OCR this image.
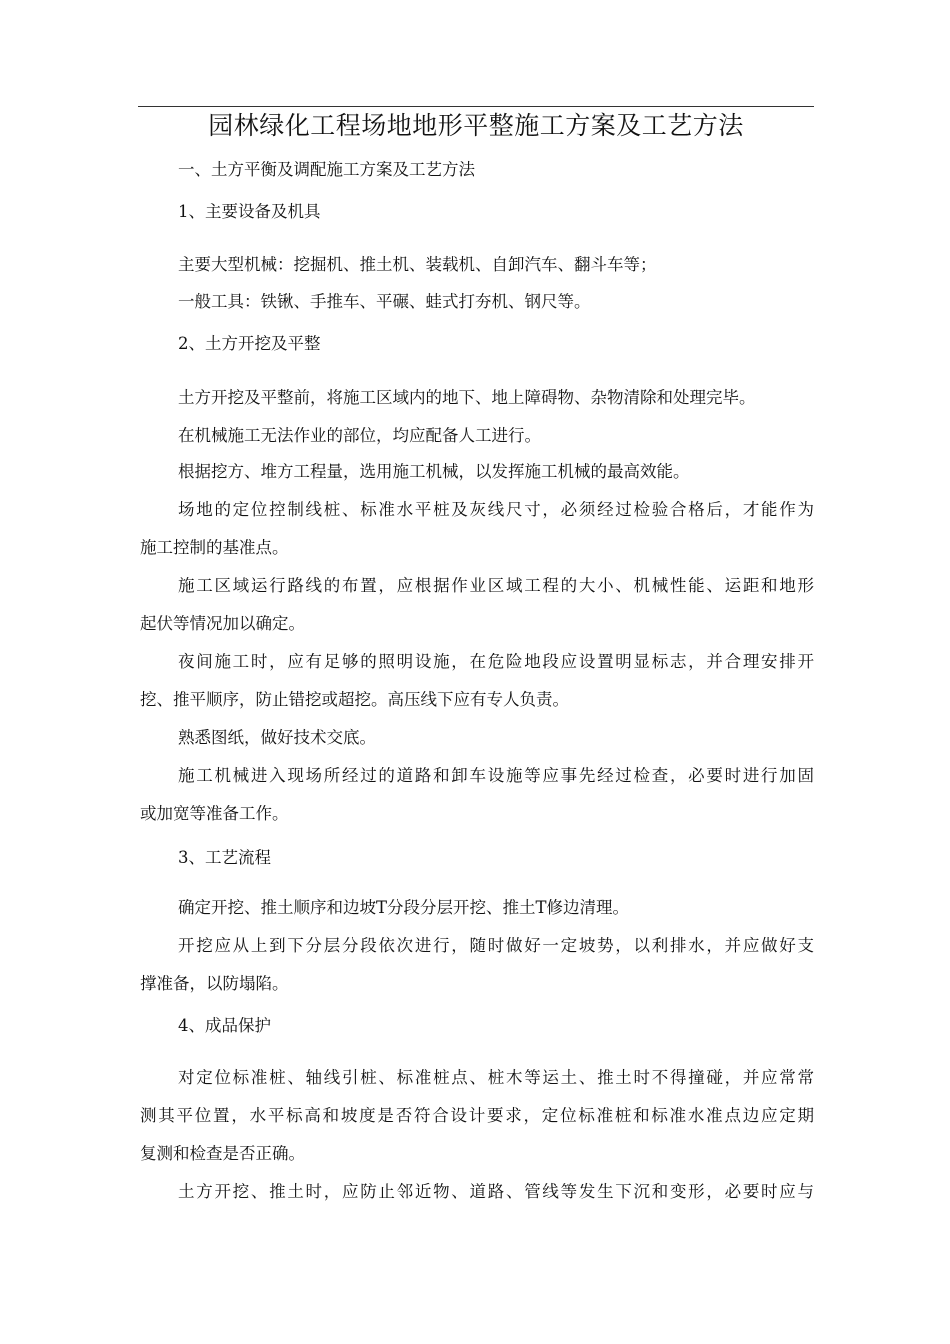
园林绿化工程场地地形平整施工方案及工艺方法
一、土方平衡及调配施工方案及工艺方法
1、主要设备及机具
主要大型机械：挖掘机、推土机、装载机、自卸汽车、翻斗车等；
一般工具：铁锹、手推车、平碾、蛙式打夯机、钢尺等。
2、土方开挖及平整
土方开挖及平整前，将施工区域内的地下、地上障碍物、杂物清除和处理完毕。
在机械施工无法作业的部位，均应配备人工进行。
根据挖方、堆方工程量，选用施工机械，以发挥施工机械的最高效能。
场地的定位控制线桩、标准水平桩及灰线尺寸，必须经过检验合格后，才能作为
施工控制的基准点。
施工区域运行路线的布置，应根据作业区域工程的大小、机械性能、运距和地形
起伏等情况加以确定。
夜间施工时，应有足够的照明设施，在危险地段应设置明显标志，并合理安排开
挖、推平顺序，防止错挖或超挖。高压线下应有专人负责。
熟悉图纸，做好技术交底。
施工机械进入现场所经过的道路和卸车设施等应事先经过检查，必要时进行加固
或加宽等准备工作。
3、工艺流程
确定开挖、推土顺序和边坡T分段分层开挖、推土T修边清理。
开挖应从上到下分层分段依次进行，随时做好一定坡势，以利排水，并应做好支
撑准备，以防塌陷。
4、成品保护
对定位标准桩、轴线引桩、标准桩点、桩木等运土、推土时不得撞碰，并应常常
测其平位置，水平标高和坡度是否符合设计要求，定位标准桩和标准水准点边应定期
复测和检查是否正确。
土方开挖、推土时，应防止邻近物、道路、管线等发生下沉和变形，必要时应与
